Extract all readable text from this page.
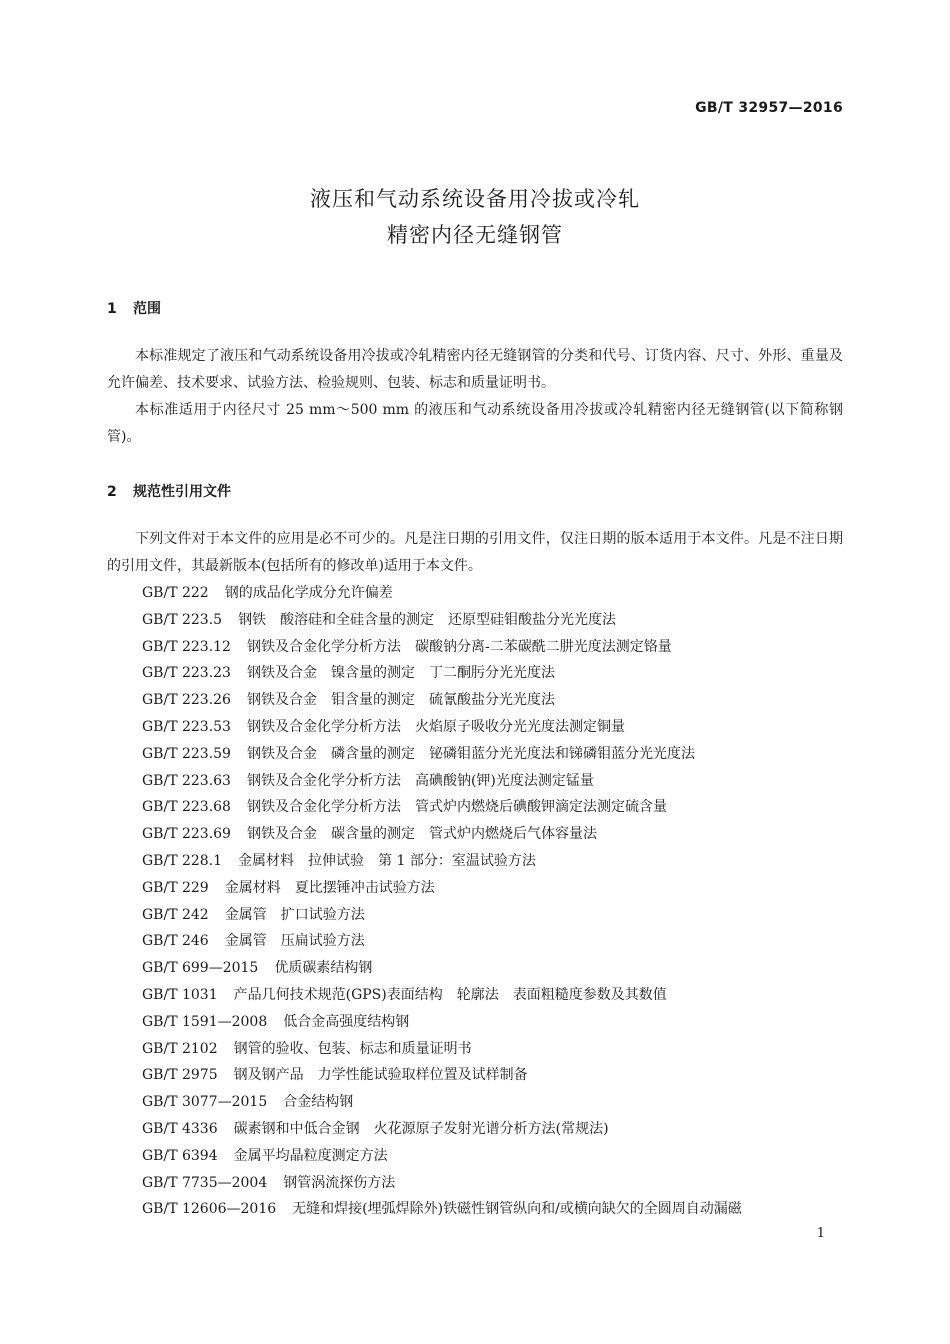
GB/T 32957—2016
液压和气动系统设备用冷拔或冷轧
精密内径无缝钢管
1 范围
本标准规定了液压和气动系统设备用冷拔或冷轧精密内径无缝钢管的分类和代号、订货内容、尺寸、外形、重量及允许偏差、技术要求、试验方法、检验规则、包装、标志和质量证明书。
本标准适用于内径尺寸 25 mm～500 mm 的液压和气动系统设备用冷拔或冷轧精密内径无缝钢管(以下简称钢管)。
2 规范性引用文件
下列文件对于本文件的应用是必不可少的。凡是注日期的引用文件，仅注日期的版本适用于本文件。凡是不注日期的引用文件，其最新版本(包括所有的修改单)适用于本文件。
GB/T 222 钢的成品化学成分允许偏差
GB/T 223.5 钢铁　酸溶硅和全硅含量的测定　还原型硅钼酸盐分光光度法
GB/T 223.12 钢铁及合金化学分析方法　碳酸钠分离-二苯碳酰二肼光度法测定铬量
GB/T 223.23 钢铁及合金　镍含量的测定　丁二酮肟分光光度法
GB/T 223.26 钢铁及合金　钼含量的测定　硫氰酸盐分光光度法
GB/T 223.53 钢铁及合金化学分析方法　火焰原子吸收分光光度法测定铜量
GB/T 223.59 钢铁及合金　磷含量的测定　铋磷钼蓝分光光度法和锑磷钼蓝分光光度法
GB/T 223.63 钢铁及合金化学分析方法　高碘酸钠(钾)光度法测定锰量
GB/T 223.68 钢铁及合金化学分析方法　管式炉内燃烧后碘酸钾滴定法测定硫含量
GB/T 223.69 钢铁及合金　碳含量的测定　管式炉内燃烧后气体容量法
GB/T 228.1 金属材料　拉伸试验　第 1 部分：室温试验方法
GB/T 229 金属材料　夏比摆锤冲击试验方法
GB/T 242 金属管　扩口试验方法
GB/T 246 金属管　压扁试验方法
GB/T 699—2015 优质碳素结构钢
GB/T 1031 产品几何技术规范(GPS)表面结构　轮廓法　表面粗糙度参数及其数值
GB/T 1591—2008 低合金高强度结构钢
GB/T 2102 钢管的验收、包装、标志和质量证明书
GB/T 2975 钢及钢产品　力学性能试验取样位置及试样制备
GB/T 3077—2015 合金结构钢
GB/T 4336 碳素钢和中低合金钢　火花源原子发射光谱分析方法(常规法)
GB/T 6394 金属平均晶粒度测定方法
GB/T 7735—2004 钢管涡流探伤方法
GB/T 12606—2016 无缝和焊接(埋弧焊除外)铁磁性钢管纵向和/或横向缺欠的全圆周自动漏磁
1
